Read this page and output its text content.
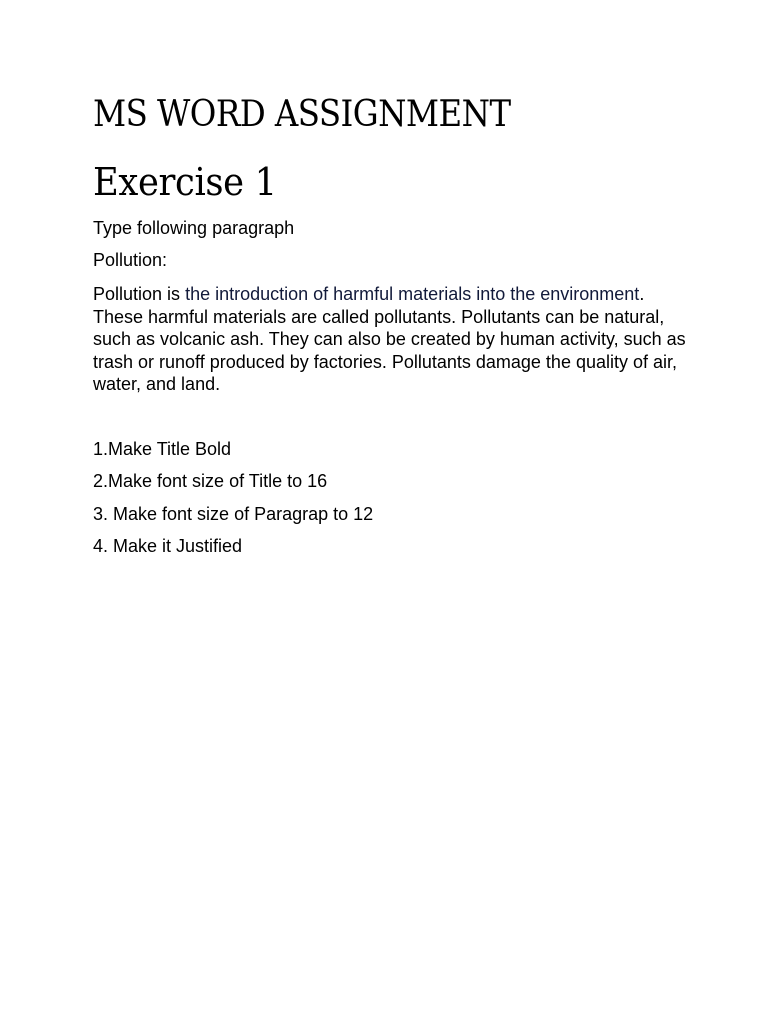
MS WORD ASSIGNMENT
Exercise 1

Type following paragraph

Pollution:

Pollution is the introduction of harmful materials into the environment. These harmful materials are called pollutants. Pollutants can be natural, such as volcanic ash. They can also be created by human activity, such as trash or runoff produced by factories. Pollutants damage the quality of air, water, and land.

1.Make Title Bold

2.Make font size of Title to 16

3. Make font size of Paragrap to 12

4. Make it Justified
